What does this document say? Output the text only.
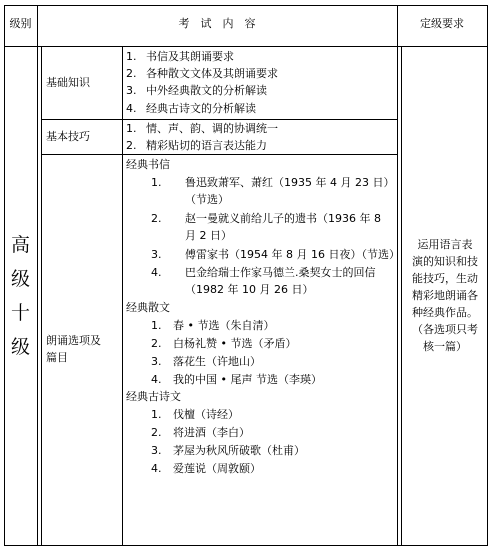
级别	考　试　内　容	定级要求
高
级
十
级
基础知识
1. 书信及其朗诵要求
2. 各种散文文体及其朗诵要求
3. 中外经典散文的分析解读
4. 经典古诗文的分析解读
基本技巧
1. 情、声、韵、调的协调统一
2. 精彩贴切的语言表达能力
朗诵选项及
篇目
经典书信
1. 鲁迅致萧军、萧红（1935 年 4 月 23 日）
（节选）
2. 赵一曼就义前给儿子的遗书（1936 年 8
月 2 日）
3. 傅雷家书（1954 年 8 月 16 日夜）（节选）
4. 巴金给瑞士作家马德兰.桑契女士的回信
（1982 年 10 月 26 日）
经典散文
1. 春 • 节选（朱自清）
2. 白杨礼赞 • 节选（矛盾）
3. 落花生（许地山）
4. 我的中国 • 尾声 节选（李瑛）
经典古诗文
1. 伐檀（诗经）
2. 将进酒（李白）
3. 茅屋为秋风所破歌（杜甫）
4. 爱莲说（周敦颐）
运用语言表
演的知识和技
能技巧，生动
精彩地朗诵各
种经典作品。
（各选项只考
核一篇）
